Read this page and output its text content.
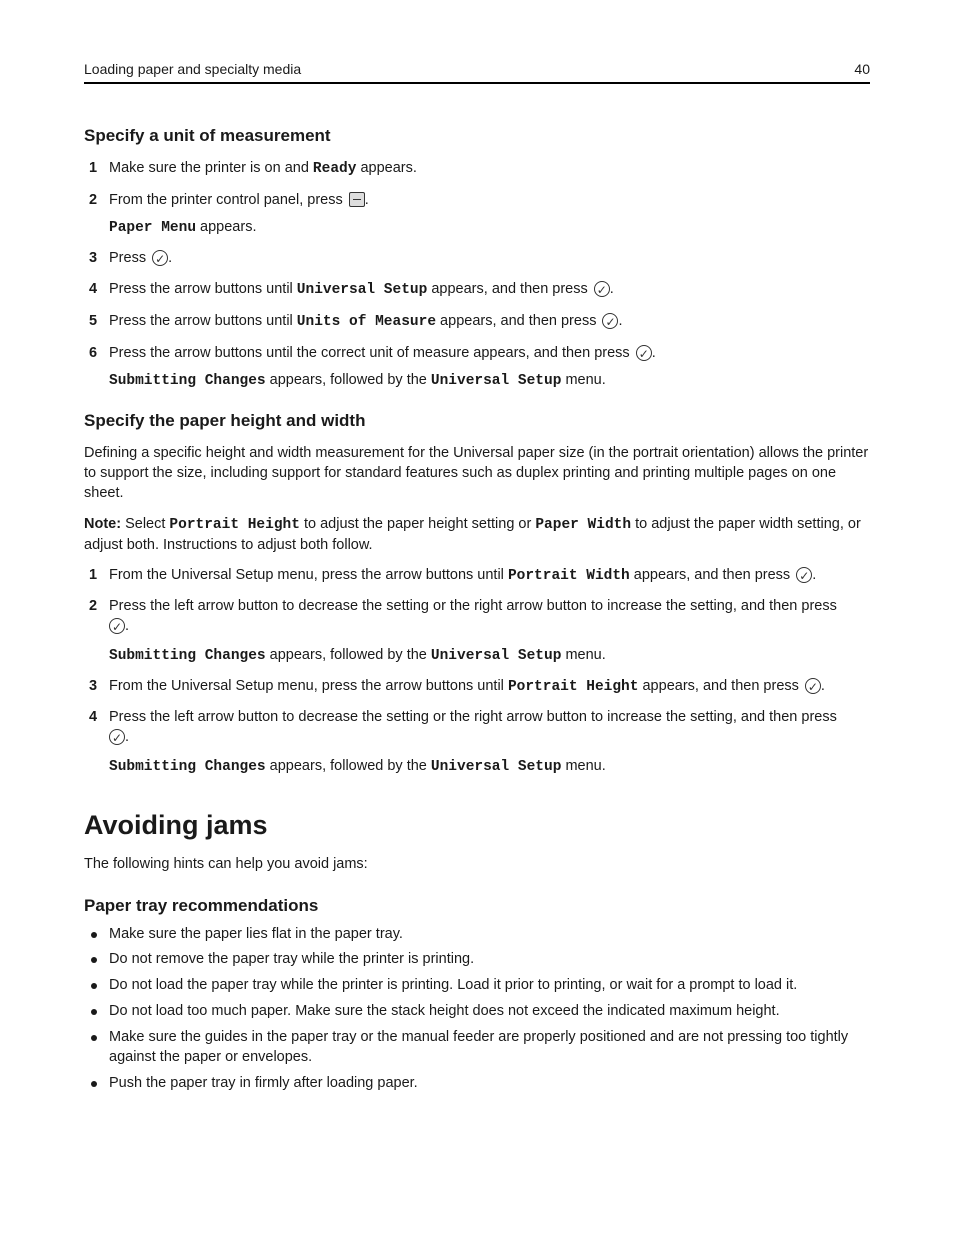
Loading paper and specialty media	40
Specify a unit of measurement
1 Make sure the printer is on and Ready appears.
2 From the printer control panel, press .
Paper Menu appears.
3 Press ✓.
4 Press the arrow buttons until Universal Setup appears, and then press ✓.
5 Press the arrow buttons until Units of Measure appears, and then press ✓.
6 Press the arrow buttons until the correct unit of measure appears, and then press ✓.
Submitting Changes appears, followed by the Universal Setup menu.
Specify the paper height and width
Defining a specific height and width measurement for the Universal paper size (in the portrait orientation) allows the printer to support the size, including support for standard features such as duplex printing and printing multiple pages on one sheet.
Note: Select Portrait Height to adjust the paper height setting or Paper Width to adjust the paper width setting, or adjust both. Instructions to adjust both follow.
1 From the Universal Setup menu, press the arrow buttons until Portrait Width appears, and then press ✓.
2 Press the left arrow button to decrease the setting or the right arrow button to increase the setting, and then press
✓.
Submitting Changes appears, followed by the Universal Setup menu.
3 From the Universal Setup menu, press the arrow buttons until Portrait Height appears, and then press ✓.
4 Press the left arrow button to decrease the setting or the right arrow button to increase the setting, and then press
✓.
Submitting Changes appears, followed by the Universal Setup menu.
Avoiding jams
The following hints can help you avoid jams:
Paper tray recommendations
Make sure the paper lies flat in the paper tray.
Do not remove the paper tray while the printer is printing.
Do not load the paper tray while the printer is printing. Load it prior to printing, or wait for a prompt to load it.
Do not load too much paper. Make sure the stack height does not exceed the indicated maximum height.
Make sure the guides in the paper tray or the manual feeder are properly positioned and are not pressing too tightly against the paper or envelopes.
Push the paper tray in firmly after loading paper.
